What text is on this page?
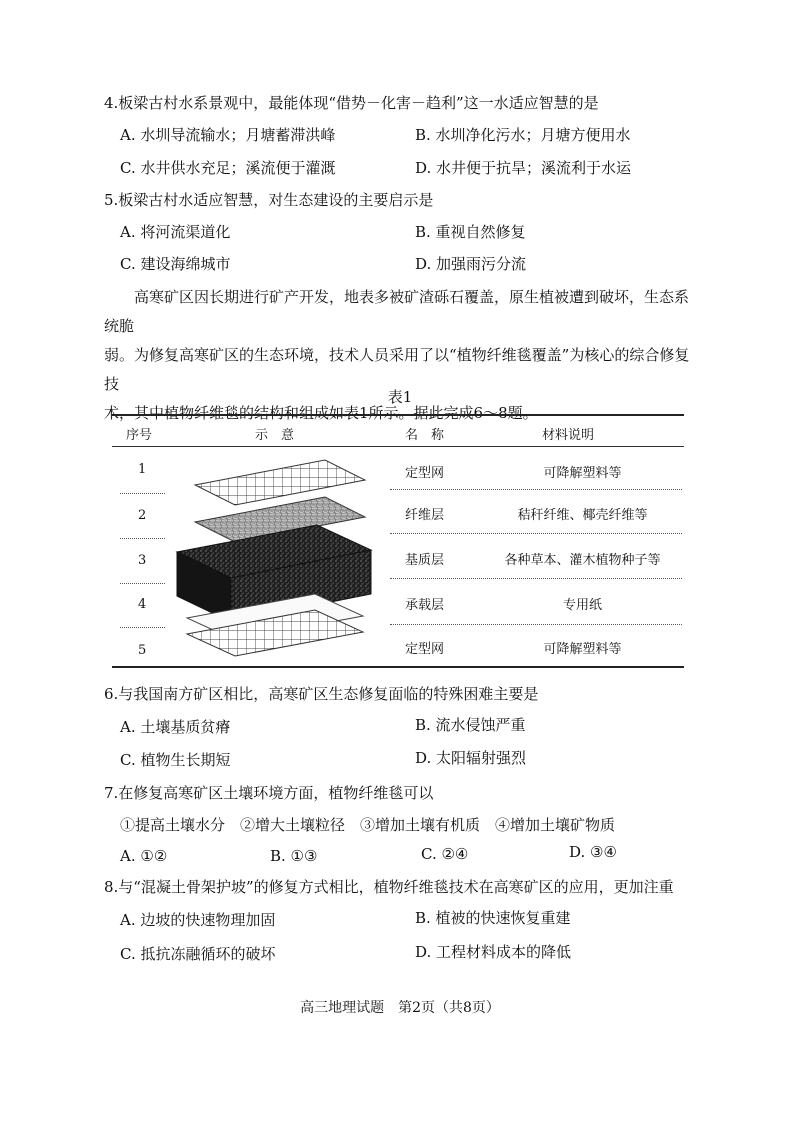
4.板梁古村水系景观中，最能体现“借势－化害－趋利”这一水适应智慧的是
A. 水圳导流输水；月塘蓄滞洪峰	B. 水圳净化污水；月塘方便用水
C. 水井供水充足；溪流便于灌溉	D. 水井便于抗旱；溪流利于水运
5.板梁古村水适应智慧，对生态建设的主要启示是
A. 将河流渠道化	B. 重视自然修复
C. 建设海绵城市	D. 加强雨污分流
高寒矿区因长期进行矿产开发，地表多被矿渣砾石覆盖，原生植被遭到破坏，生态系统脆
弱。为修复高寒矿区的生态环境，技术人员采用了以“植物纤维毯覆盖”为核心的综合修复技
术，其中植物纤维毯的结构和组成如表1所示。据此完成6～8题。
表1
序号	示　意	名　称	材料说明
1	定型网	可降解塑料等
2	纤维层	秸秆纤维、椰壳纤维等
3	基质层	各种草本、灌木植物种子等
4	承载层	专用纸
5	定型网	可降解塑料等
6.与我国南方矿区相比，高寒矿区生态修复面临的特殊困难主要是
A. 土壤基质贫瘠	B. 流水侵蚀严重
C. 植物生长期短	D. 太阳辐射强烈
7.在修复高寒矿区土壤环境方面，植物纤维毯可以
①提高土壤水分　②增大土壤粒径　③增加土壤有机质　④增加土壤矿物质
A. ①②	B. ①③	C. ②④	D. ③④
8.与“混凝土骨架护坡”的修复方式相比，植物纤维毯技术在高寒矿区的应用，更加注重
A. 边坡的快速物理加固	B. 植被的快速恢复重建
C. 抵抗冻融循环的破坏	D. 工程材料成本的降低
高三地理试题　第2页（共8页）
